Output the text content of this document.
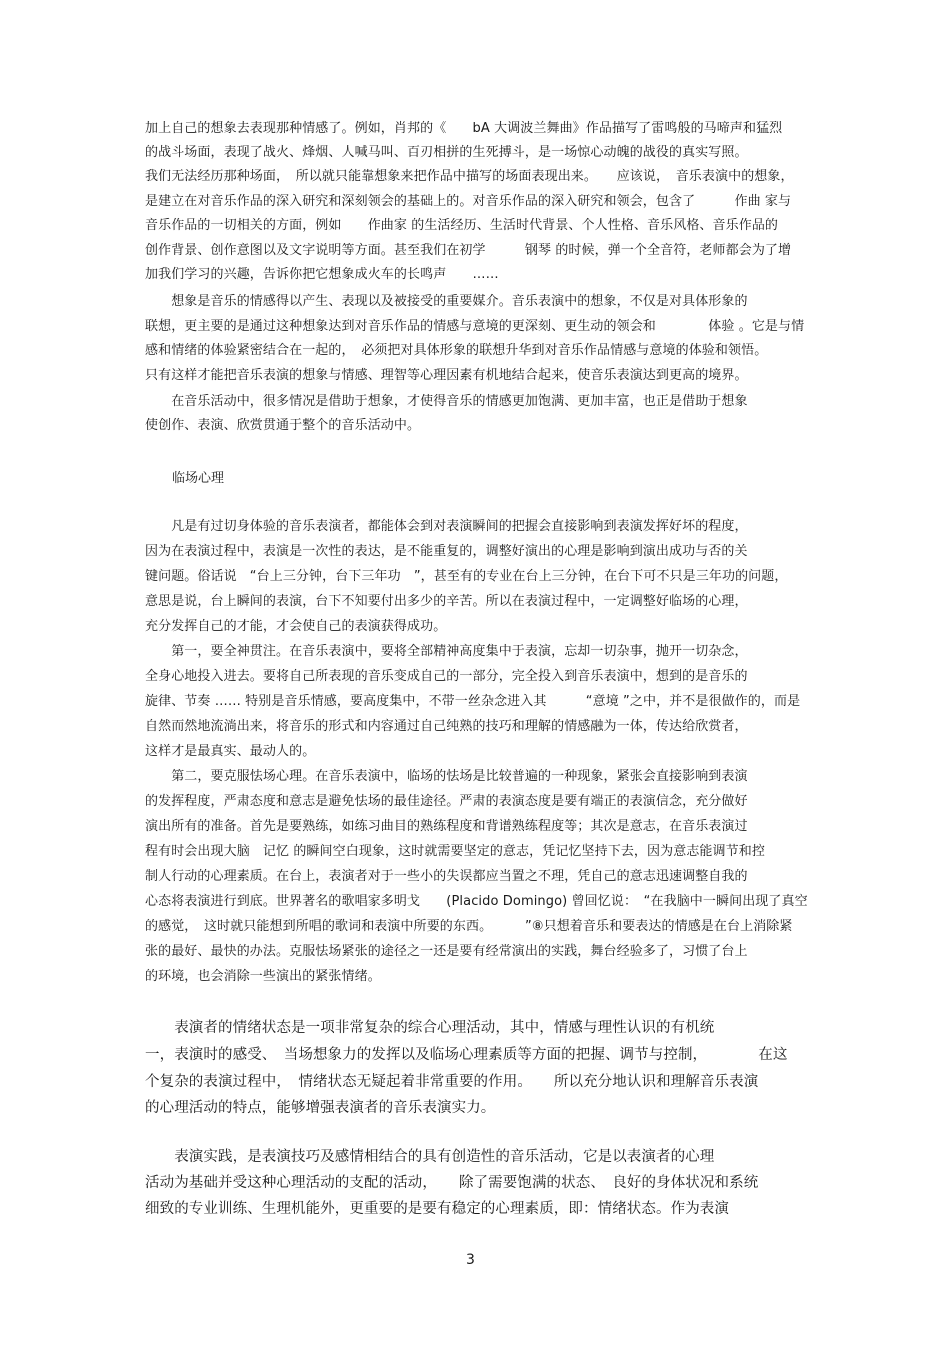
加上自己的想象去表现那种情感了。例如，肖邦的《　　bA 大调波兰舞曲》作品描写了雷鸣般的马啼声和猛烈
的战斗场面，表现了战火、烽烟、人喊马叫、百刃相拼的生死搏斗，是一场惊心动魄的战役的真实写照。
我们无法经历那种场面，　所以就只能靠想象来把作品中描写的场面表现出来。　　应该说，　音乐表演中的想象，
是建立在对音乐作品的深入研究和深刻领会的基础上的。对音乐作品的深入研究和领会，包含了　　　作曲 家与
音乐作品的一切相关的方面，例如　　作曲家 的生活经历、生活时代背景、个人性格、音乐风格、音乐作品的
创作背景、创作意图以及文字说明等方面。甚至我们在初学　　　钢琴 的时候，弹一个全音符，老师都会为了增
加我们学习的兴趣，告诉你把它想象成火车的长鸣声　　……
　　想象是音乐的情感得以产生、表现以及被接受的重要媒介。音乐表演中的想象，不仅是对具体形象的
联想，更主要的是通过这种想象达到对音乐作品的情感与意境的更深刻、更生动的领会和　　　　体验 。它是与情
感和情绪的体验紧密结合在一起的，　必须把对具体形象的联想升华到对音乐作品情感与意境的体验和领悟。
只有这样才能把音乐表演的想象与情感、理智等心理因素有机地结合起来，使音乐表演达到更高的境界。
　　在音乐活动中，很多情况是借助于想象，才使得音乐的情感更加饱满、更加丰富，也正是借助于想象
使创作、表演、欣赏贯通于整个的音乐活动中。
临场心理
　　凡是有过切身体验的音乐表演者，都能体会到对表演瞬间的把握会直接影响到表演发挥好坏的程度，
因为在表演过程中，表演是一次性的表达，是不能重复的，调整好演出的心理是影响到演出成功与否的关
键问题。俗话说　“台上三分钟，台下三年功　”，甚至有的专业在台上三分钟，在台下可不只是三年功的问题，
意思是说，台上瞬间的表演，台下不知要付出多少的辛苦。所以在表演过程中，一定调整好临场的心理，
充分发挥自己的才能，才会使自己的表演获得成功。
　　第一，要全神贯注。在音乐表演中，要将全部精神高度集中于表演，忘却一切杂事，抛开一切杂念，
全身心地投入进去。要将自己所表现的音乐变成自己的一部分，完全投入到音乐表演中，想到的是音乐的
旋律、节奏 …… 特别是音乐情感，要高度集中，不带一丝杂念进入其　　　“意境 ”之中，并不是很做作的，而是
自然而然地流淌出来，将音乐的形式和内容通过自己纯熟的技巧和理解的情感融为一体，传达给欣赏者，
这样才是最真实、最动人的。
　　第二，要克服怯场心理。在音乐表演中，临场的怯场是比较普遍的一种现象，紧张会直接影响到表演
的发挥程度，严肃态度和意志是避免怯场的最佳途径。严肃的表演态度是要有端正的表演信念，充分做好
演出所有的准备。首先是要熟练，如练习曲目的熟练程度和背谱熟练程度等；其次是意志，在音乐表演过
程有时会出现大脑　记忆 的瞬间空白现象，这时就需要坚定的意志，凭记忆坚持下去，因为意志能调节和控
制人行动的心理素质。在台上，表演者对于一些小的失误都应当置之不理，凭自己的意志迅速调整自我的
心态将表演进行到底。世界著名的歌唱家多明戈　　(Placido Domingo) 曾回忆说：　“在我脑中一瞬间出现了真空
的感觉，　这时就只能想到所唱的歌词和表演中所要的东西。　　　”⑧只想着音乐和要表达的情感是在台上消除紧
张的最好、最快的办法。克服怯场紧张的途径之一还是要有经常演出的实践，舞台经验多了，习惯了台上
的环境，也会消除一些演出的紧张情绪。
　　表演者的情绪状态是一项非常复杂的综合心理活动，其中，情感与理性认识的有机统
一，表演时的感受、　当场想象力的发挥以及临场心理素质等方面的把握、调节与控制，　　　　在这
个复杂的表演过程中，　情绪状态无疑起着非常重要的作用。　　所以充分地认识和理解音乐表演
的心理活动的特点，能够增强表演者的音乐表演实力。
　　表演实践，是表演技巧及感情相结合的具有创造性的音乐活动，它是以表演者的心理
活动为基础并受这种心理活动的支配的活动，　　除了需要饱满的状态、　良好的身体状况和系统
细致的专业训练、生理机能外，更重要的是要有稳定的心理素质，即：情绪状态。作为表演
3
